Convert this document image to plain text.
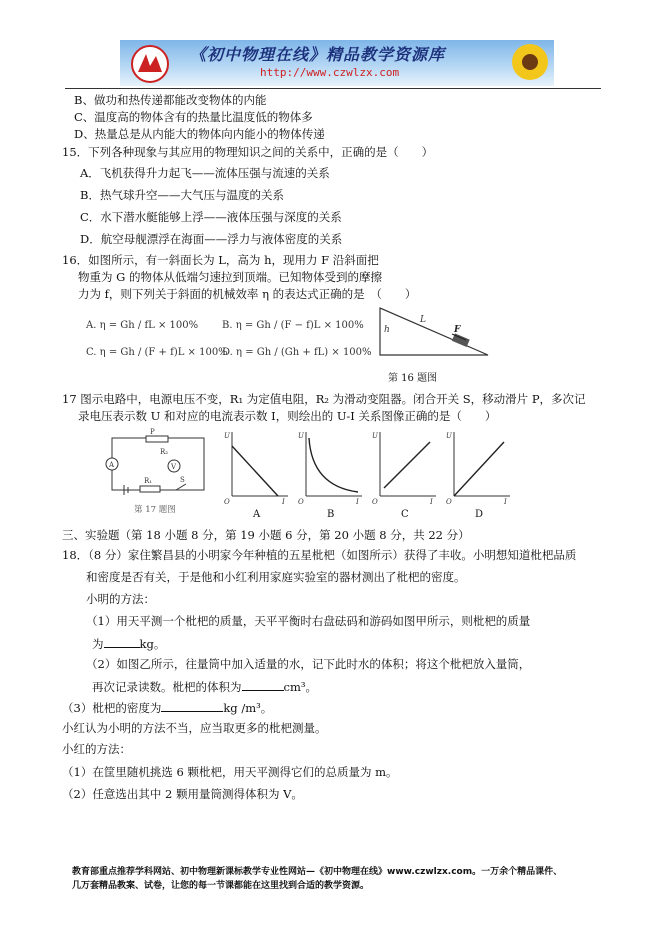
《初中物理在线》精品教学资源库
http://www.czwlzx.com
B、做功和热传递都能改变物体的内能
C、温度高的物体含有的热量比温度低的物体多
D、热量总是从内能大的物体向内能小的物体传递
15．下列各种现象与其应用的物理知识之间的关系中，正确的是（　　）
A．飞机获得升力起飞——流体压强与流速的关系
B．热气球升空——大气压与温度的关系
C．水下潜水艇能够上浮——液体压强与深度的关系
D．航空母舰漂浮在海面——浮力与液体密度的关系
16．如图所示，有一斜面长为 L，高为 h，现用力 F 沿斜面把
物重为 G 的物体从低端匀速拉到顶端。已知物体受到的摩擦
力为 f，则下列关于斜面的机械效率 η 的表达式正确的是　（　　）
A. η = Gh / fL × 100% B. η = Gh / (F − f)L × 100%
C. η = Gh / (F + f)L × 100%
D. η = Gh / (Gh + fL) × 100%
h
L
F
第 16 题图
17 图示电路中，电源电压不变，R₁ 为定值电阻，R₂ 为滑动变阻器。闭合开关 S，移动滑片 P，多次记
录电压表示数 U 和对应的电流表示数 I，则绘出的 U-I 关系图像正确的是（　　）
P
R₂
A	V
R₁	S
第 17 题图
U
I
O
U
I
O
U
I
O
U
I
O
A	B	C	D
三、实验题（第 18 小题 8 分，第 19 小题 6 分，第 20 小题 8 分，共 22 分）
18．（8 分）家住繁昌县的小明家今年种植的五星枇杷（如图所示）获得了丰收。小明想知道枇杷品质
和密度是否有关，于是他和小红利用家庭实验室的器材测出了枇杷的密度。
小明的方法：
（1）用天平测一个枇杷的质量，天平平衡时右盘砝码和游码如图甲所示，则枇杷的质量
为	kg。
（2）如图乙所示，往量筒中加入适量的水，记下此时水的体积；将这个枇杷放入量筒，
再次记录读数。枇杷的体积为	cm³。
（3）枇杷的密度为	kg /m³。
小红认为小明的方法不当，应当取更多的枇杷测量。
小红的方法：
（1）在筐里随机挑选 6 颗枇杷，用天平测得它们的总质量为 m。
（2）任意选出其中 2 颗用量筒测得体积为 V。
教育部重点推荐学科网站、初中物理新课标教学专业性网站—《初中物理在线》www.czwlzx.com。一万余个精品课件、
几万套精品教案、试卷，让您的每一节课都能在这里找到合适的教学资源。
